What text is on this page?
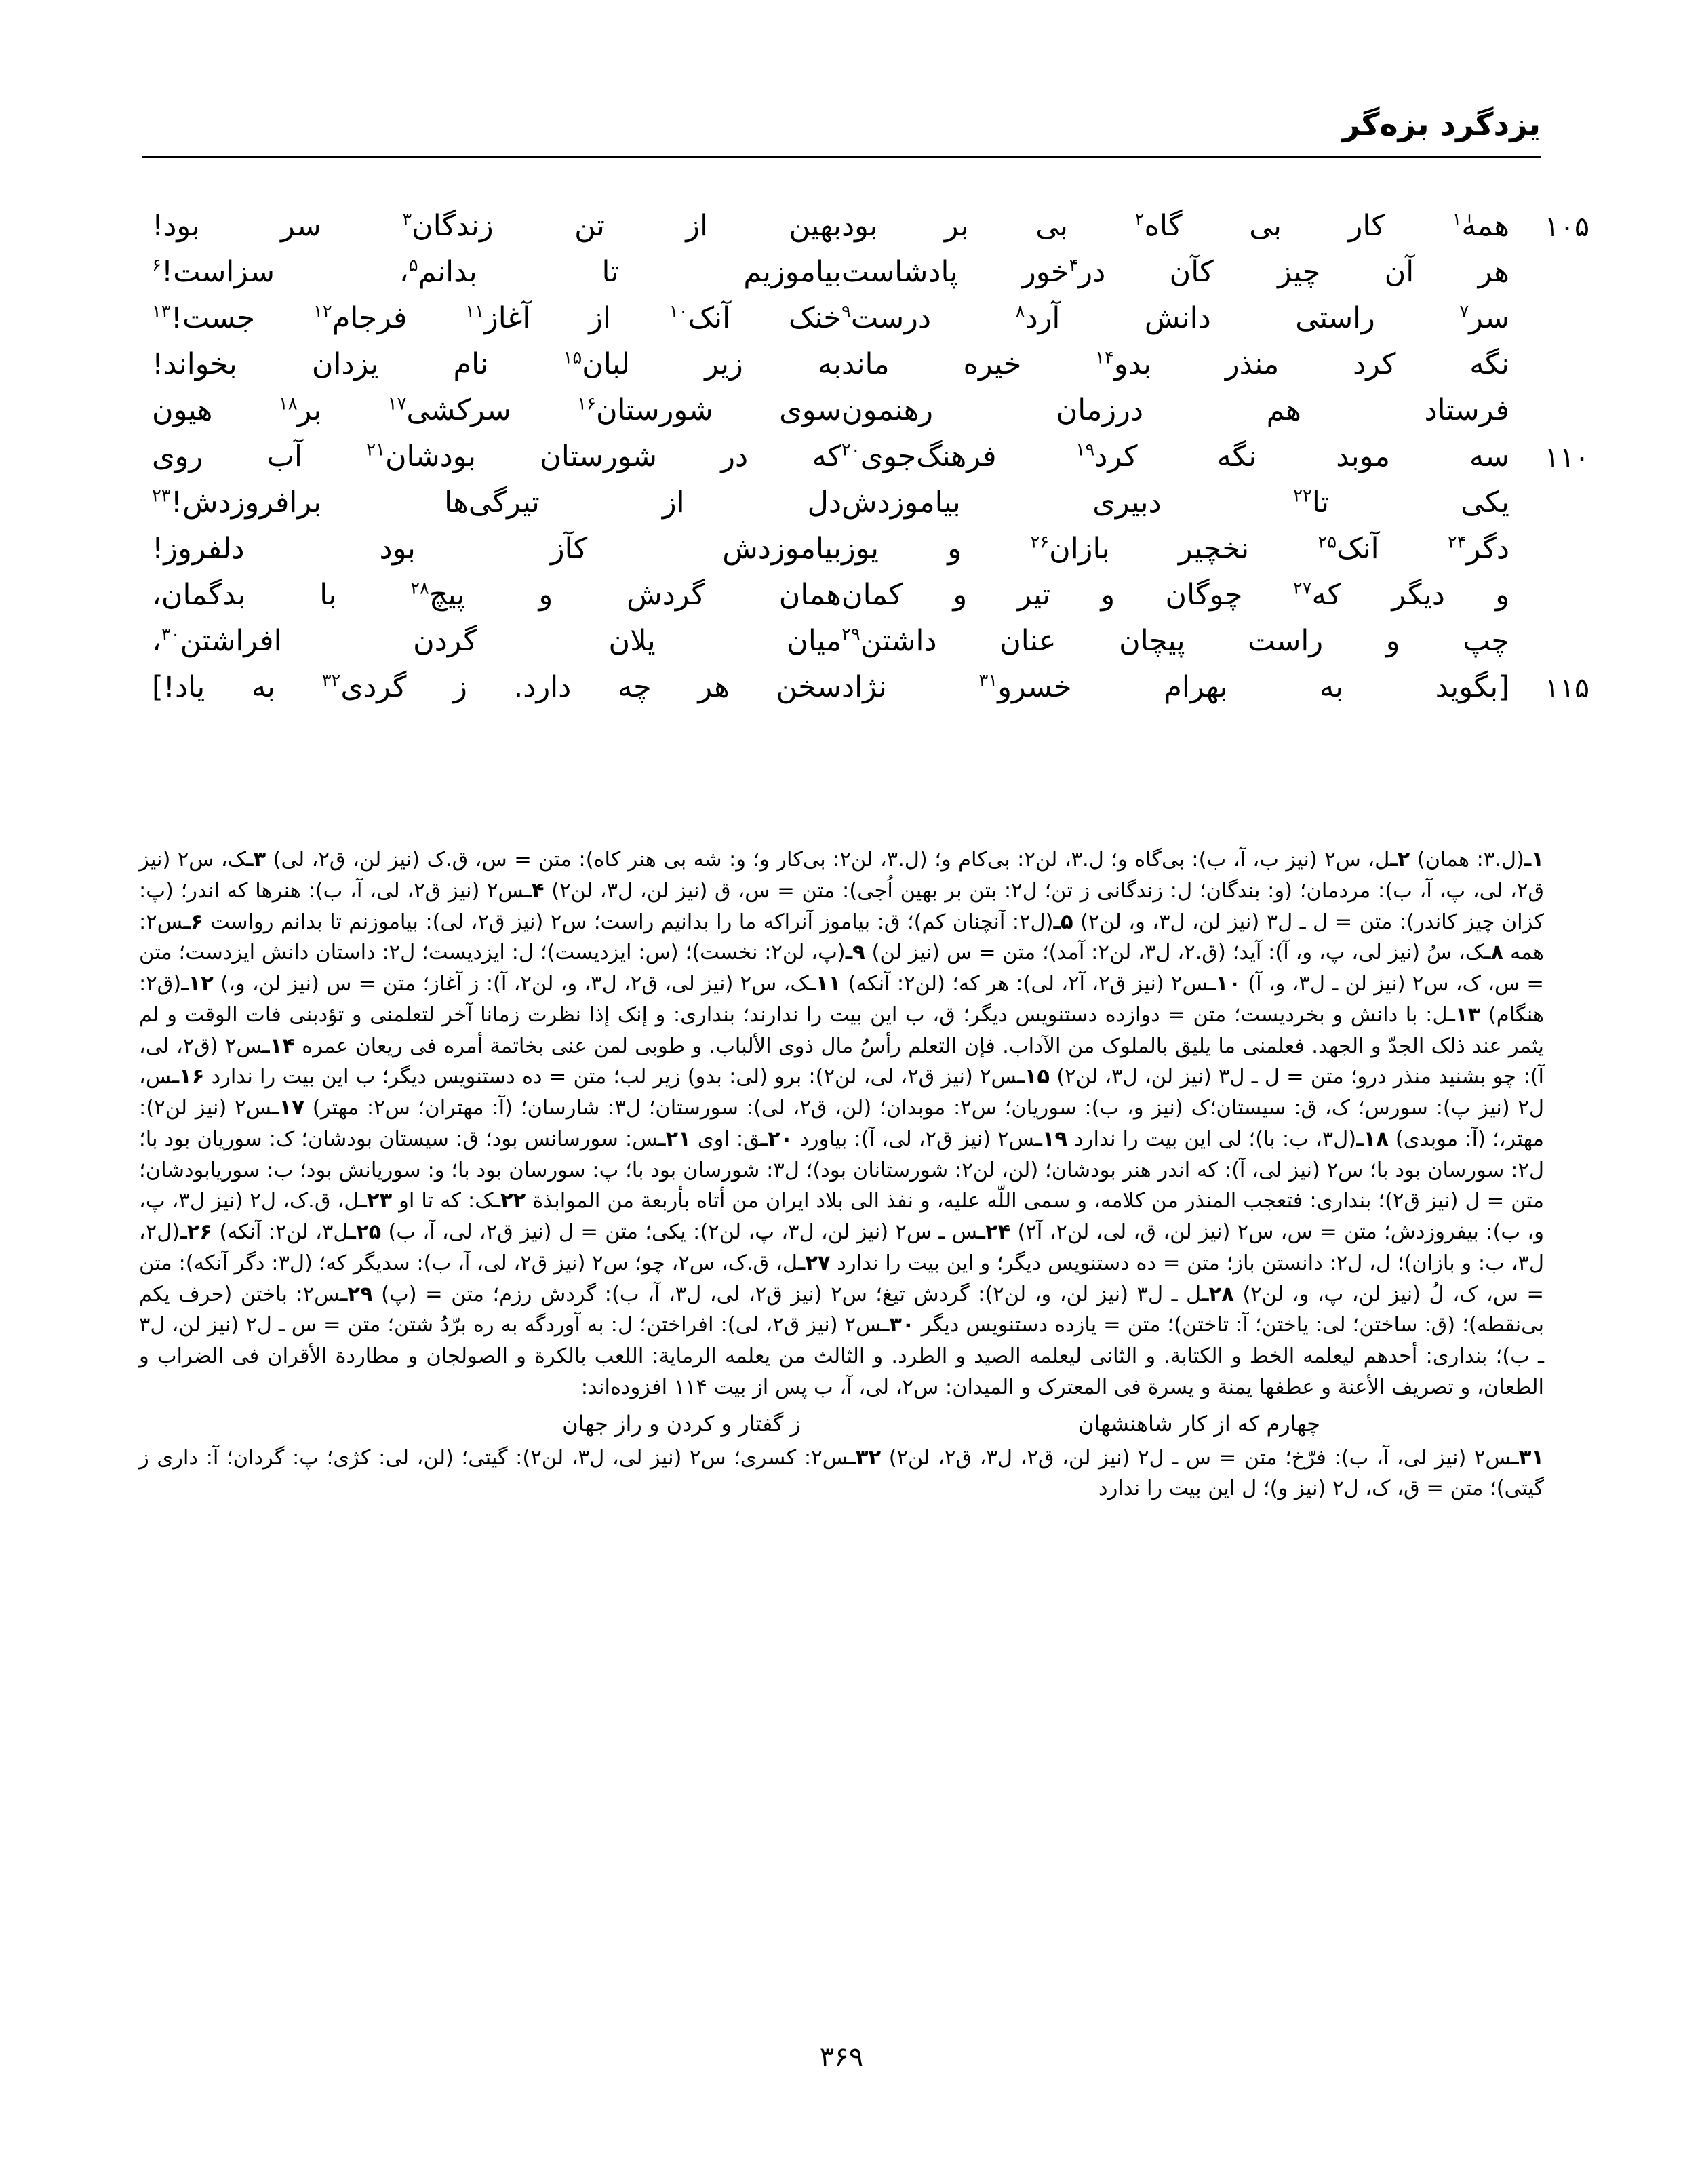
یزدگرد بزه‌گر
۱۰۵
همه‌ٰ$^۱$ کار بی گاه$^۲$ بی بر بود
بهین از تن زندگان$^۳$ سر بود!
هر آن چیز کآن در$^۴$خور پادشاست
بیاموزیم تا بدانم$^۵$، سزاست!$^۶$
سر$^۷$ راستی دانش آرد$^۸$ درست$^۹$
خنک آنک$^{۱۰}$ از آغاز$^{۱۱}$ فرجام$^{۱۲}$ جست!$^{۱۳}$
نگه کرد منذر بدو$^{۱۴}$ خیره ماند
به زیر لبان$^{۱۵}$ نام یزدان بخواند!
فرستاد هم درزمان رهنمون
سوی شورستان$^{۱۶}$ سرکشی$^{۱۷}$ بر$^{۱۸}$ هیون
۱۱۰
سه موبد نگه کرد$^{۱۹}$ فرهنگ‌جوی$^{۲۰}$
که در شورستان بودشان$^{۲۱}$ آب روی
یکی تا$^{۲۲}$ دبیری بیاموزدش
دل از تیرگی‌ها برافروزدش!$^{۲۳}$
دگر$^{۲۴}$ آنک$^{۲۵}$ نخچیر بازان$^{۲۶}$ و یوز
بیاموزدش کآز بود دلفروز!
و دیگر که$^{۲۷}$ چوگان و تیر و کمان
همان گردش و پیچ$^{۲۸}$ با بدگمان،
چپ و راست پیچان عنان داشتن$^{۲۹}$
میان یلان گردن افراشتن$^{۳۰}$،
۱۱۵
[بگوید به بهرام خسرو$^{۳۱}$ نژاد
سخن هر چه دارد. ز گردی$^{۳۲}$ به یاد!]

۱ـ(ل.۳: همان) ۲ـل، س۲ (نیز ب، آ، ب): بی‌گاه و؛ ل.۳، لن۲: بی‌کام و؛ (ل.۳، لن۲: بی‌کار و؛ و: شه بی هنر کاه): متن = س، ق.ک (نیز لن، ق۲، لی) ۳ـک، س۲ (نیز ق۲، لی، پ، آ، ب): مردمان؛ (و: بندگان؛ ل: زندگانی ز تن؛ ل۲: بتن بر بهین اُجی): متن = س، ق (نیز لن، ل۳، لن۲) ۴ـس۲ (نیز ق۲، لی، آ، ب): هنرها که اندر؛ (پ: کزان چیز کاندر): متن = ل ـ ل۳ (نیز لن، ل۳، و، لن۲) ۵ـ(ل۲: آنچنان کم)؛ ق: بیاموز آنراکه ما را بدانیم راست؛ س۲ (نیز ق۲، لی): بیاموزنم تا بدانم رواست ۶ـس۲: همه ۸ـک، سُ (نیز لی، پ، و، آ): آید؛ (ق.۲، ل۳، لن۲: آمد)؛ متن = س (نیز لن) ۹ـ(پ، لن۲: نخست)؛ (س: ایزدیست)؛ ل: ایزدیست؛ ل۲: داستان دانش ایزدست؛ متن = س، ک، س۲ (نیز لن ـ ل۳، و، آ) ۱۰ـس۲ (نیز ق۲، آ۲، لی): هر که؛ (لن۲: آنکه) ۱۱ـک، س۲ (نیز لی، ق۲، ل۳، و، لن۲، آ): ز آغاز؛ متن = س (نیز لن، و،) ۱۲ـ(ق۲: هنگام) ۱۳ـل: با دانش و بخردیست؛ متن = دوازده دستنویس دیگر؛ ق، ب این بیت را ندارند؛ بنداری: و إنک إذا نظرت زمانا آخر لتعلمنی و تؤدبنی فات الوقت و لم یثمر عند ذلک الجدّ و الجهد. فعلمنی ما یلیق بالملوک من الآداب. فإن التعلم رأسُ مال ذوی الألباب. و طوبی لمن عنی بخاتمة أمره فی ریعان عمره ۱۴ـس۲ (ق۲، لی، آ): چو بشنید منذر درو؛ متن = ل ـ ل۳ (نیز لن، ل۳، لن۲) ۱۵ـس۲ (نیز ق۲، لی، لن۲): برو (لی: بدو) زیر لب؛ متن = ده دستنویس دیگر؛ ب این بیت را ندارد ۱۶ـس، ل۲ (نیز پ): سورس؛ ک، ق: سیستان؛ک (نیز و، ب): سوریان؛ س۲: موبدان؛ (لن، ق۲، لی): سورستان؛ ل۳: شارسان؛ (آ: مهتران؛ س۲: مهتر) ۱۷ـس۲ (نیز لن۲): مهتر،؛ (آ: موبدی) ۱۸ـ(ل۳، ب: با)؛ لی این بیت را ندارد ۱۹ـس۲ (نیز ق۲، لی، آ): بیاورد ۲۰ـق: اوی ۲۱ـس: سورسانس بود؛ ق: سیستان بودشان؛ ک: سوریان بود با؛ ل۲: سورسان بود با؛ س۲ (نیز لی، آ): که اندر هنر بودشان؛ (لن، لن۲: شورستانان بود)؛ ل۳: شورسان بود با؛ پ: سورسان بود با؛ و: سوریانش بود؛ ب: سوریابودشان؛ متن = ل (نیز ق۲)؛ بنداری: فتعجب المنذر من کلامه، و سمی اللّه علیه، و نفذ الی بلاد ایران من أتاه بأربعة من الموابذة ۲۲ـک: که تا او ۲۳ـل، ق.ک، ل۲ (نیز ل۳، پ، و، ب): بیفروزدش؛ متن = س، س۲ (نیز لن، ق، لی، لن۲، آ۲) ۲۴ـس ـ س۲ (نیز لن، ل۳، پ، لن۲): یکی؛ متن = ل (نیز ق۲، لی، آ، ب) ۲۵ـل۳، لن۲: آنکه) ۲۶ـ(ل۲، ل۳، ب: و بازان)؛ ل، ل۲: دانستن باز؛ متن = ده دستنویس دیگر؛ و این بیت را ندارد ۲۷ـل، ق.ک، س۲، چو؛ س۲ (نیز ق۲، لی، آ، ب): سدیگر که؛ (ل۳: دگر آنکه): متن = س، ک، لُ (نیز لن، پ، و، لن۲) ۲۸ـل ـ ل۳ (نیز لن، و، لن۲): گردش تیغ؛ س۲ (نیز ق۲، لی، ل۳، آ، ب): گردش رزم؛ متن = (پ) ۲۹ـس۲: باختن (حرف یکم بی‌نقطه)؛ (ق: ساختن؛ لی: یاختن؛ آ: تاختن)؛ متن = یازده دستنویس دیگر ۳۰ـس۲ (نیز ق۲، لی): افراختن؛ ل: به آوردگه به ره برّدُ شتن؛ متن = س ـ ل۲ (نیز لن، ل۳ ـ ب)؛ بنداری: أحدهم لیعلمه الخط و الکتابة. و الثانی لیعلمه الصید و الطرد. و الثالث من یعلمه الرمایة: اللعب بالکرة و الصولجان و مطاردة الأقران فی الضراب و الطعان، و تصریف الأعنة و عطفها یمنة و یسرة فی المعترک و المیدان: س۲، لی، آ، ب پس از بیت ۱۱۴ افزوده‌اند:

چهارم که از کار شاهنشهان
ز گفتار و کردن و راز جهان

۳۱ـس۲ (نیز لی، آ، ب): فرّخ؛ متن = س ـ ل۲ (نیز لن، ق۲، ل۳، ق۲، لن۲) ۳۲ـس۲: کسری؛ س۲ (نیز لی، ل۳، لن۲): گیتی؛ (لن، لی: کژی؛ پ: گردان؛ آ: داری ز گیتی)؛ متن = ق، ک، ل۲ (نیز و)؛ ل این بیت را ندارد

۳۶۹
